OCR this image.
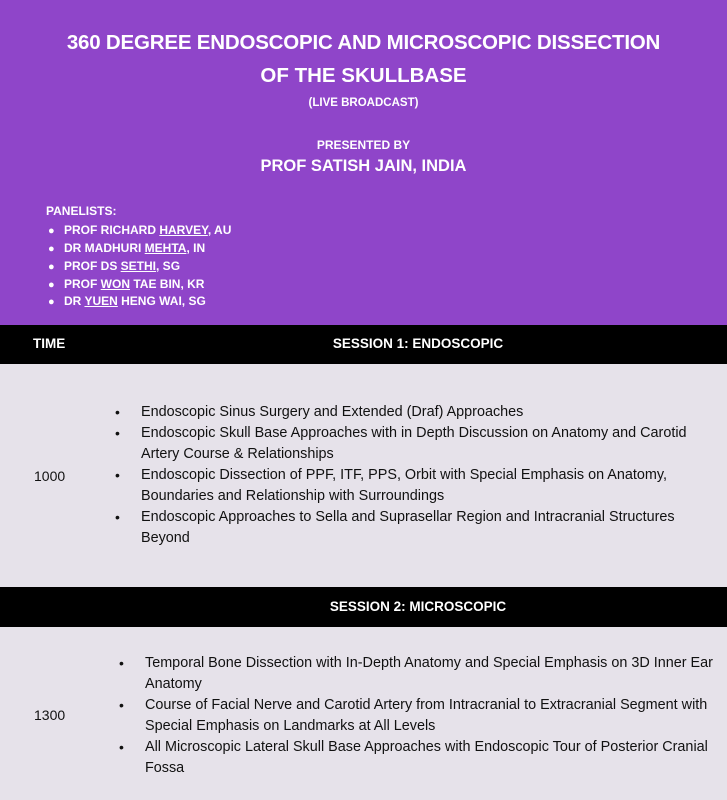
360 DEGREE ENDOSCOPIC AND MICROSCOPIC DISSECTION
OF THE SKULLBASE
(LIVE BROADCAST)
PRESENTED BY
PROF SATISH JAIN, INDIA
PANELISTS:
● PROF RICHARD HARVEY, AU
● DR MADHURI MEHTA, IN
● PROF DS SETHI, SG
● PROF WON TAE BIN, KR
● DR YUEN HENG WAI, SG
TIME	SESSION 1: ENDOSCOPIC
1000
• Endoscopic Sinus Surgery and Extended (Draf) Approaches
• Endoscopic Skull Base Approaches with in Depth Discussion on Anatomy and Carotid Artery Course & Relationships
• Endoscopic Dissection of PPF, ITF, PPS, Orbit with Special Emphasis on Anatomy, Boundaries and Relationship with Surroundings
• Endoscopic Approaches to Sella and Suprasellar Region and Intracranial Structures Beyond
SESSION 2: MICROSCOPIC
1300
• Temporal Bone Dissection with In-Depth Anatomy and Special Emphasis on 3D Inner Ear Anatomy
• Course of Facial Nerve and Carotid Artery from Intracranial to Extracranial Segment with Special Emphasis on Landmarks at All Levels
• All Microscopic Lateral Skull Base Approaches with Endoscopic Tour of Posterior Cranial Fossa
